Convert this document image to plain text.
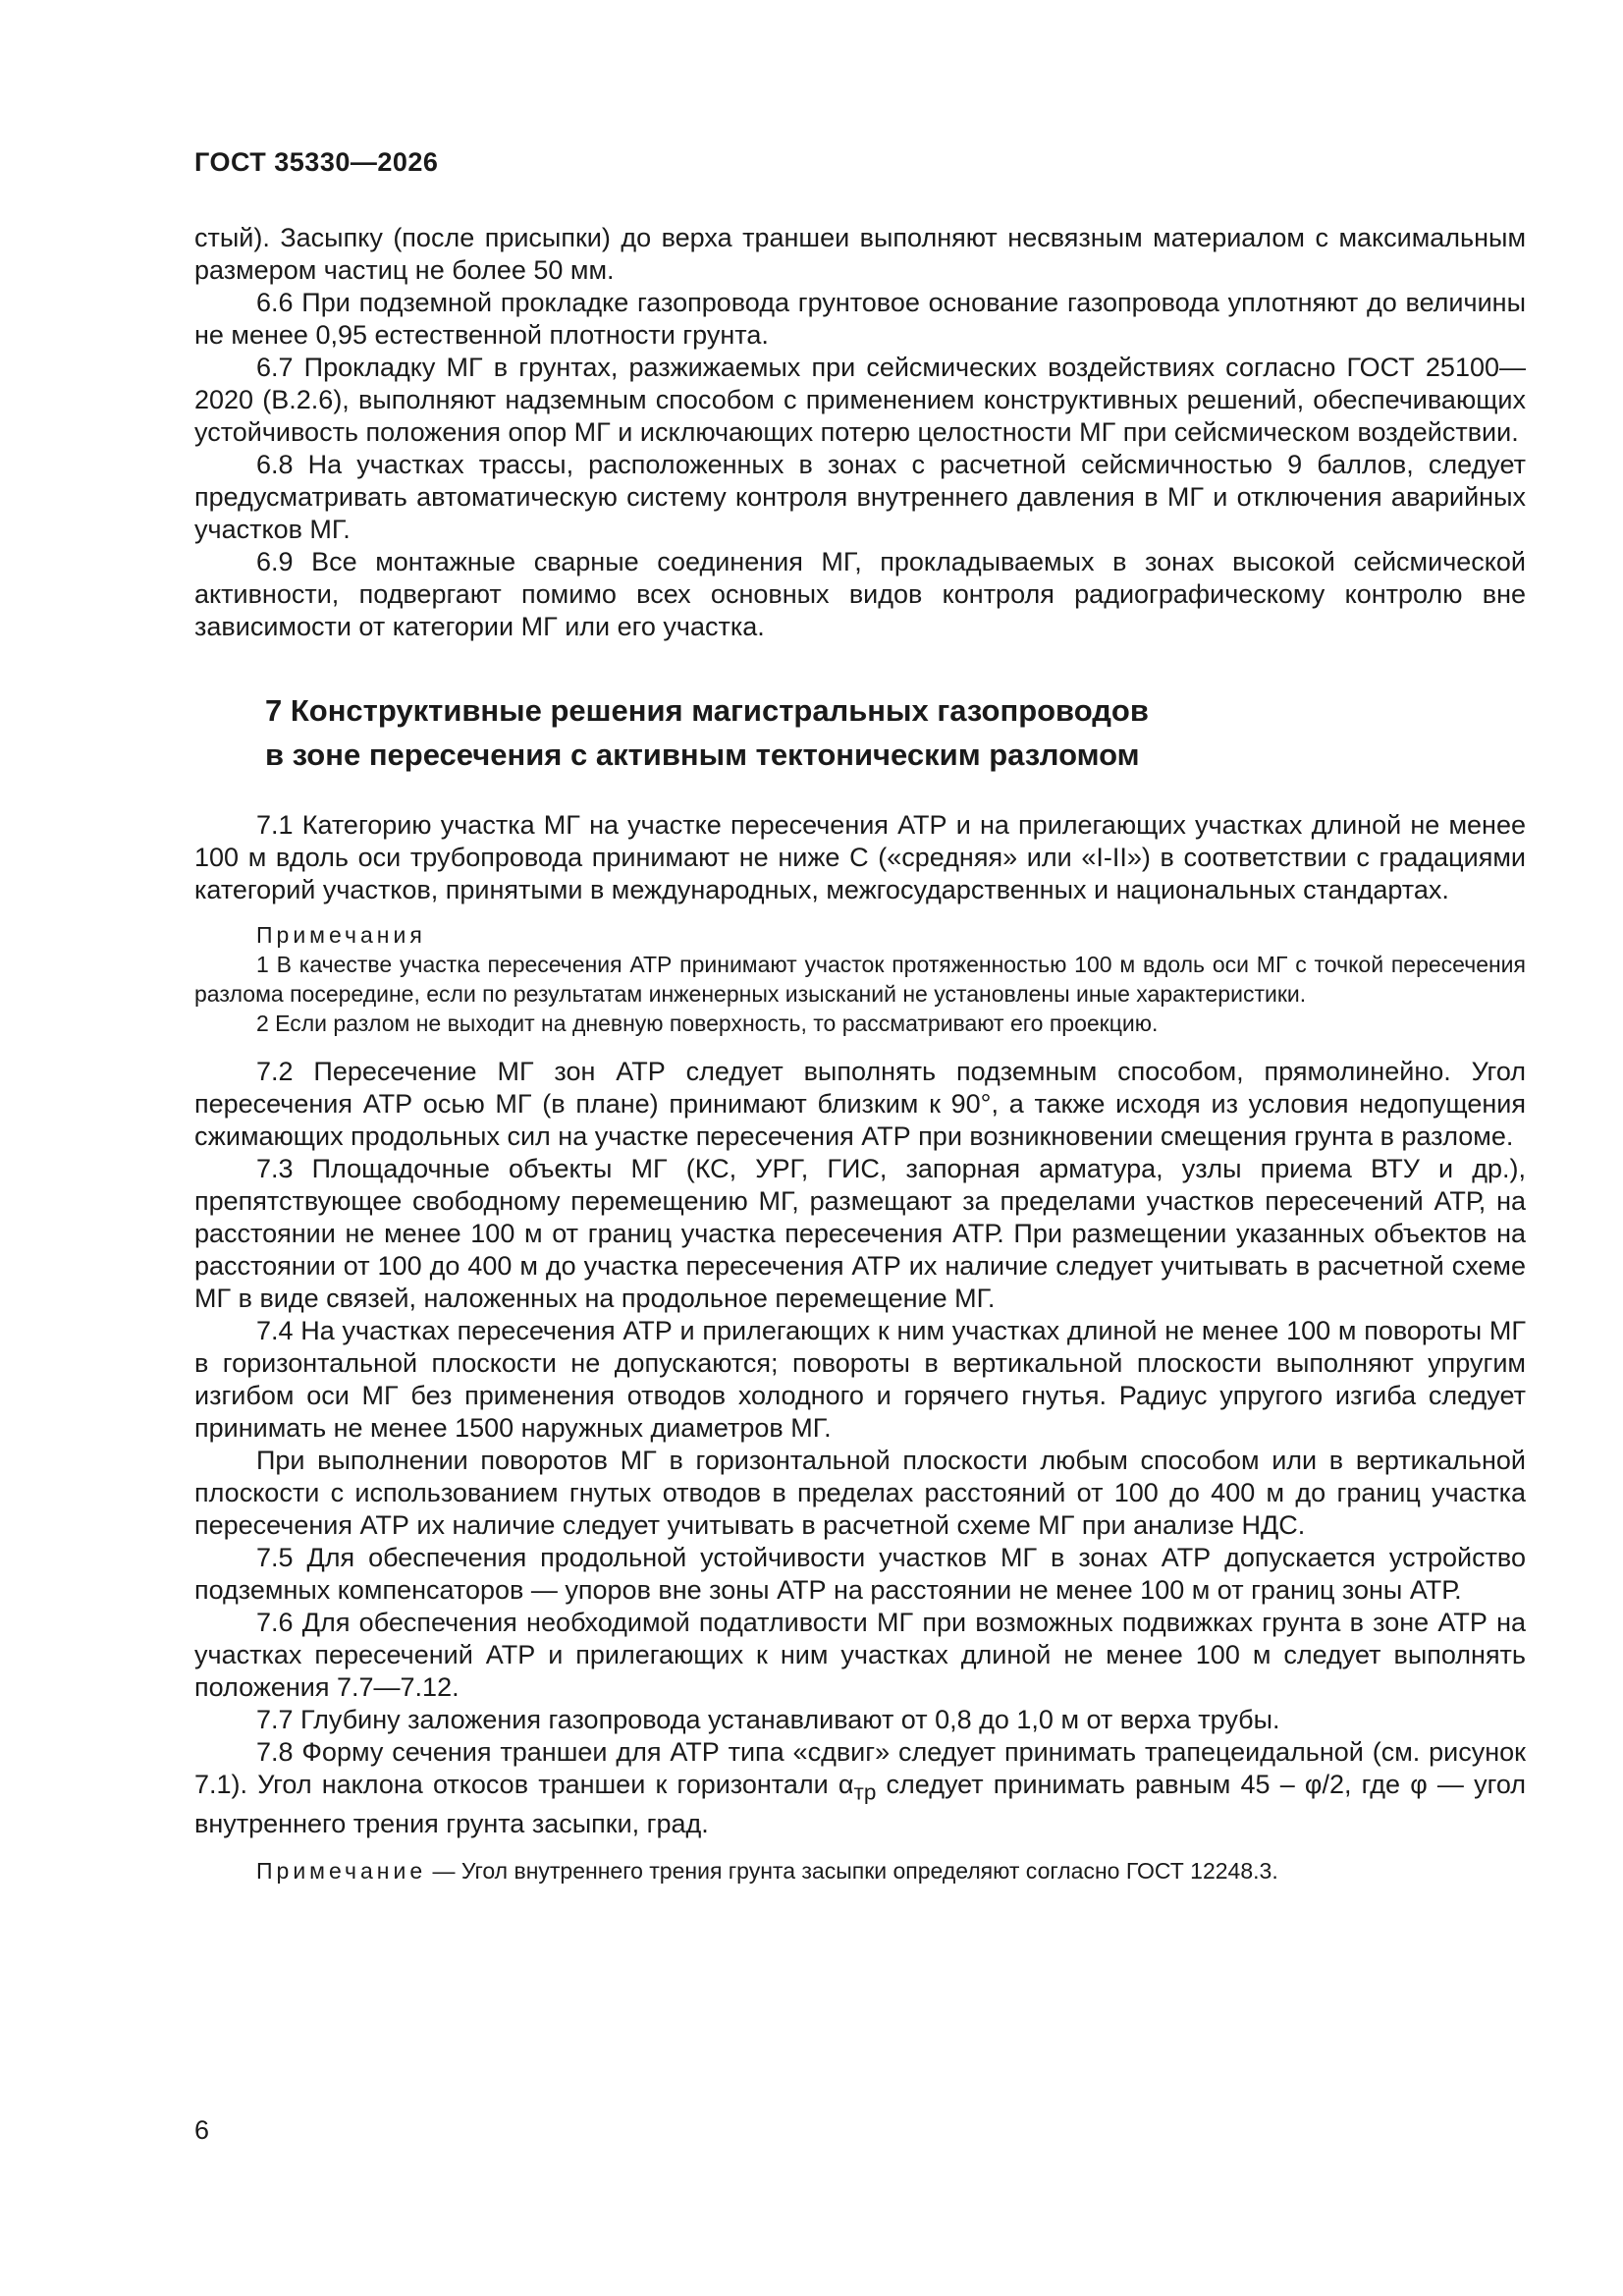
ГОСТ 35330—2026

стый). Засыпку (после присыпки) до верха траншеи выполняют несвязным материалом с максимальным размером частиц не более 50 мм.

6.6 При подземной прокладке газопровода грунтовое основание газопровода уплотняют до величины не менее 0,95 естественной плотности грунта.

6.7 Прокладку МГ в грунтах, разжижаемых при сейсмических воздействиях согласно ГОСТ 25100—2020 (В.2.6), выполняют надземным способом с применением конструктивных решений, обеспечивающих устойчивость положения опор МГ и исключающих потерю целостности МГ при сейсмическом воздействии.

6.8 На участках трассы, расположенных в зонах с расчетной сейсмичностью 9 баллов, следует предусматривать автоматическую систему контроля внутреннего давления в МГ и отключения аварийных участков МГ.

6.9 Все монтажные сварные соединения МГ, прокладываемых в зонах высокой сейсмической активности, подвергают помимо всех основных видов контроля радиографическому контролю вне зависимости от категории МГ или его участка.

7 Конструктивные решения магистральных газопроводов
в зоне пересечения с активным тектоническим разломом

7.1 Категорию участка МГ на участке пересечения АТР и на прилегающих участках длиной не менее 100 м вдоль оси трубопровода принимают не ниже С («средняя» или «I-II») в соответствии с градациями категорий участков, принятыми в международных, межгосударственных и национальных стандартах.

Примечания

1 В качестве участка пересечения АТР принимают участок протяженностью 100 м вдоль оси МГ с точкой пересечения разлома посередине, если по результатам инженерных изысканий не установлены иные характеристики.

2 Если разлом не выходит на дневную поверхность, то рассматривают его проекцию.

7.2 Пересечение МГ зон АТР следует выполнять подземным способом, прямолинейно. Угол пересечения АТР осью МГ (в плане) принимают близким к 90°, а также исходя из условия недопущения сжимающих продольных сил на участке пересечения АТР при возникновении смещения грунта в разломе.

7.3 Площадочные объекты МГ (КС, УРГ, ГИС, запорная арматура, узлы приема ВТУ и др.), препятствующее свободному перемещению МГ, размещают за пределами участков пересечений АТР, на расстоянии не менее 100 м от границ участка пересечения АТР. При размещении указанных объектов на расстоянии от 100 до 400 м до участка пересечения АТР их наличие следует учитывать в расчетной схеме МГ в виде связей, наложенных на продольное перемещение МГ.

7.4 На участках пересечения АТР и прилегающих к ним участках длиной не менее 100 м повороты МГ в горизонтальной плоскости не допускаются; повороты в вертикальной плоскости выполняют упругим изгибом оси МГ без применения отводов холодного и горячего гнутья. Радиус упругого изгиба следует принимать не менее 1500 наружных диаметров МГ.

При выполнении поворотов МГ в горизонтальной плоскости любым способом или в вертикальной плоскости с использованием гнутых отводов в пределах расстояний от 100 до 400 м до границ участка пересечения АТР их наличие следует учитывать в расчетной схеме МГ при анализе НДС.

7.5 Для обеспечения продольной устойчивости участков МГ в зонах АТР допускается устройство подземных компенсаторов — упоров вне зоны АТР на расстоянии не менее 100 м от границ зоны АТР.

7.6 Для обеспечения необходимой податливости МГ при возможных подвижках грунта в зоне АТР на участках пересечений АТР и прилегающих к ним участках длиной не менее 100 м следует выполнять положения 7.7—7.12.

7.7 Глубину заложения газопровода устанавливают от 0,8 до 1,0 м от верха трубы.

7.8 Форму сечения траншеи для АТР типа «сдвиг» следует принимать трапецеидальной (см. рисунок 7.1). Угол наклона откосов траншеи к горизонтали $\alpha_{тр}$ следует принимать равным 45 – φ/2, где φ — угол внутреннего трения грунта засыпки, град.

Примечание — Угол внутреннего трения грунта засыпки определяют согласно ГОСТ 12248.3.
6
